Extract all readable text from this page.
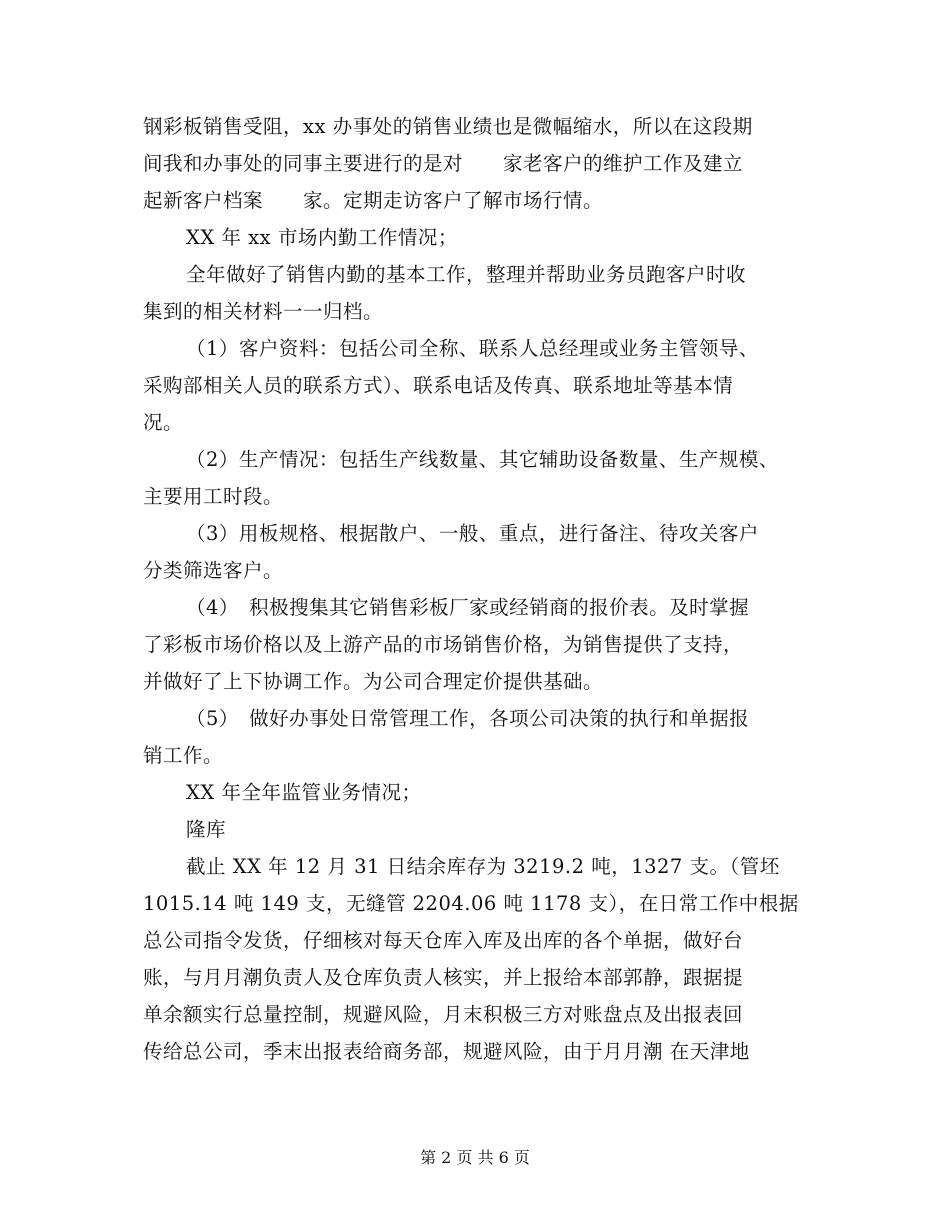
钢彩板销售受阻，xx 办事处的销售业绩也是微幅缩水，所以在这段期
间我和办事处的同事主要进行的是对　　家老客户的维护工作及建立
起新客户档案　　家。定期走访客户了解市场行情。
XX 年 xx 市场内勤工作情况；
全年做好了销售内勤的基本工作，整理并帮助业务员跑客户时收
集到的相关材料一一归档。
（1）客户资料：包括公司全称、联系人总经理或业务主管领导、
采购部相关人员的联系方式）、联系电话及传真、联系地址等基本情
况。
（2）生产情况：包括生产线数量、其它辅助设备数量、生产规模、
主要用工时段。
（3）用板规格、根据散户、一般、重点，进行备注、待攻关客户
分类筛选客户。
（4）　积极搜集其它销售彩板厂家或经销商的报价表。及时掌握
了彩板市场价格以及上游产品的市场销售价格，为销售提供了支持，
并做好了上下协调工作。为公司合理定价提供基础。
（5）　做好办事处日常管理工作，各项公司决策的执行和单据报
销工作。
XX 年全年监管业务情况；
隆库
截止 XX 年 12 月 31 日结余库存为 3219.2 吨，1327 支。（管坯
1015.14 吨 149 支，无缝管 2204.06 吨 1178 支），在日常工作中根据
总公司指令发货，仔细核对每天仓库入库及出库的各个单据，做好台
账，与月月潮负责人及仓库负责人核实，并上报给本部郭静，跟据提
单余额实行总量控制，规避风险，月末积极三方对账盘点及出报表回
传给总公司，季末出报表给商务部，规避风险，由于月月潮 在天津地
第 2 页 共 6 页
